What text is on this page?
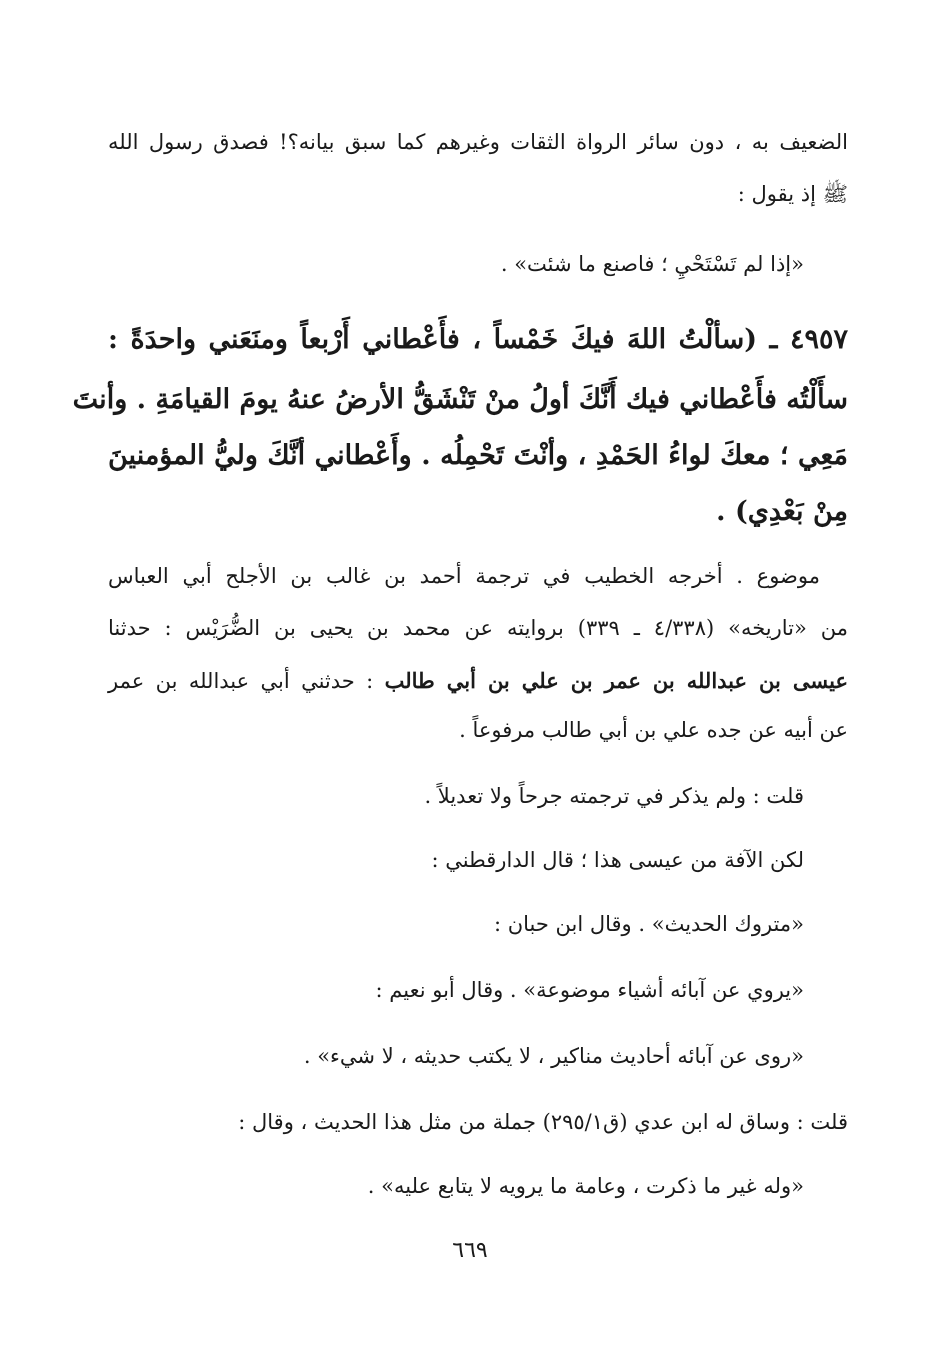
الضعيف به ، دون سائر الرواة الثقات وغيرهم كما سبق بيانه؟! فصدق رسول الله
ﷺ إذ يقول :
«إذا لم تَسْتَحْيِ ؛ فاصنع ما شئت» .
٤٩٥٧ ـ (سألْتُ اللهَ فيكَ خَمْساً ، فأَعْطاني أَرْبعاً ومنَعَني واحدَةً :
سأَلْتُه فأَعْطاني فيك أَنَّكَ أولُ منْ تَنْشَقُّ الأرضُ عنهُ يومَ القيامَةِ . وأنتَ
مَعِي ؛ معكَ لواءُ الحَمْدِ ، وأنْتَ تَحْمِلُه . وأَعْطاني أنَّكَ وليُّ المؤمنينَ
مِنْ بَعْدِي) .
موضوع . أخرجه الخطيب في ترجمة أحمد بن غالب بن الأجلح أبي العباس
من «تاريخه» (٤/٣٣٨ ـ ٣٣٩) بروايته عن محمد بن يحيى بن الضُّرَيْس : حدثنا
عيسى بن عبدالله بن عمر بن علي بن أبي طالب : حدثني أبي عبدالله بن عمر
عن أبيه عن جده علي بن أبي طالب مرفوعاً .
قلت : ولم يذكر في ترجمته جرحاً ولا تعديلاً .
لكن الآفة من عيسى هذا ؛ قال الدارقطني :
«متروك الحديث» . وقال ابن حبان :
«يروي عن آبائه أشياء موضوعة» . وقال أبو نعيم :
«روى عن آبائه أحاديث مناكير ، لا يكتب حديثه ، لا شيء» .
قلت : وساق له ابن عدي (ق٢٩٥/١) جملة من مثل هذا الحديث ، وقال :
«وله غير ما ذكرت ، وعامة ما يرويه لا يتابع عليه» .
٦٦٩
